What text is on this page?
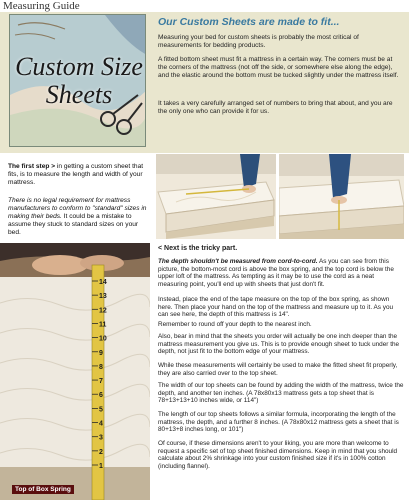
Measuring Guide
Custom Size
Sheets
Our Custom Sheets are made to fit...
Measuring your bed for custom sheets is probably the most critical of measurements for bedding products.
A fitted bottom sheet must fit a mattress in a certain way. The corners must be at the corners of the mattress (not off the side, or somewhere else along the edge), and the elastic around the bottom must be tucked slightly under the mattress itself.
It takes a very carefully arranged set of numbers to bring that about, and you are the only one who can provide it for us.
The first step > in getting a custom sheet that fits, is to measure the length and width of your mattress.
There is no legal requirement for mattress manufacturers to conform to "standard" sizes in making their beds. It could be a mistake to assume they stuck to standard sizes on your bed.
14
13
12
11
10
9
8
7
6
5
4
3
2
1
Top of Box Spring
< Next is the tricky part.
The depth shouldn't be measured from cord-to-cord. As you can see from this picture, the bottom-most cord is above the box spring, and the top cord is below the upper loft of the mattress. As tempting as it may be to use the cord as a neat measuring point, you'll end up with sheets that just don't fit.
Instead, place the end of the tape measure on the top of the box spring, as shown here. Then place your hand on the top of the mattress and measure up to it. As you can see here, the depth of this mattress is 14".
Remember to round off your depth to the nearest inch.
Also, bear in mind that the sheets you order will actually be one inch deeper than the mattress measurement you give us. This is to provide enough sheet to tuck under the depth, not just fit to the bottom edge of your mattress.
While these measurements will certainly be used to make the fitted sheet fit properly, they are also carried over to the top sheet.
The width of our top sheets can be found by adding the width of the mattress, twice the depth, and another ten inches. (A 78x80x13 mattress gets a top sheet that is 78+13+13+10 inches wide, or 114")
The length of our top sheets follows a similar formula, incorporating the length of the mattress, the depth, and a further 8 inches. (A 78x80x12 mattress gets a sheet that is 80+13+8 inches long, or 101")
Of course, if these dimensions aren't to your liking, you are more than welcome to request a specific set of top sheet finished dimensions. Keep in mind that you should calculate about 2% shrinkage into your custom finished size if it's in 100% cotton (including flannel).
